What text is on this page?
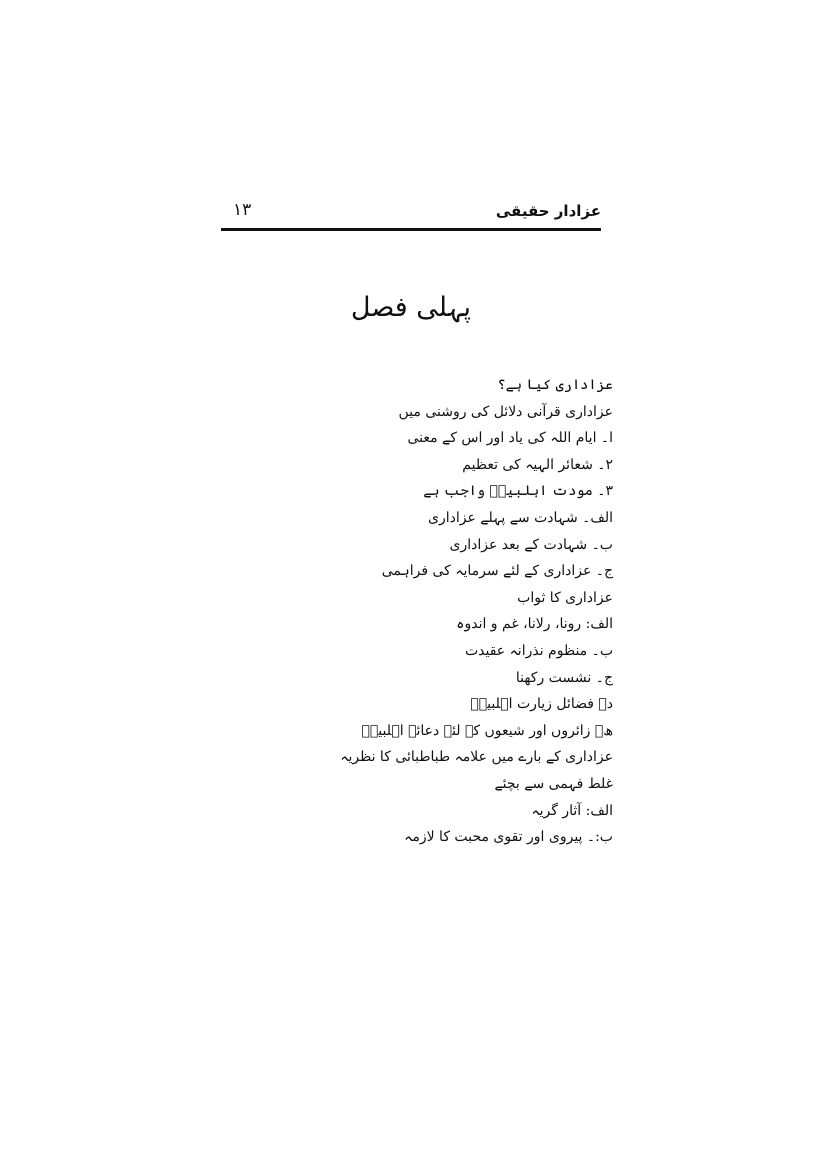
عزادار حقیقی
۱۳
پہلی فصل
عزاداری کیا ہے؟
عزاداری قرآنی دلائل کی روشنی میں
ا۔ ایام اللہ کی یاد اور اس کے معنی
۲۔ شعائر الہیہ کی تعظیم
۳۔ مودت اہلبیتؑ واجب ہے
الف۔ شہادت سے پہلے عزاداری
ب۔ شہادت کے بعد عزاداری
ج۔ عزاداری کے لئے سرمایہ کی فراہمی
عزاداری کا ثواب
الف: رونا، رلانا، غم و اندوہ
ب۔ منظوم نذرانہ عقیدت
ج۔ نشست رکھنا
د۔ فضائل زیارت اہلبیتؑ
ھ۔ زائروں اور شیعوں کے لئے دعائے اہلبیتؑ
عزاداری کے بارے میں علامہ طباطبائی کا نظریہ
غلط فہمی سے بچئے
الف: آثار گریہ
ب:۔ پیروی اور تقوی محبت کا لازمہ
